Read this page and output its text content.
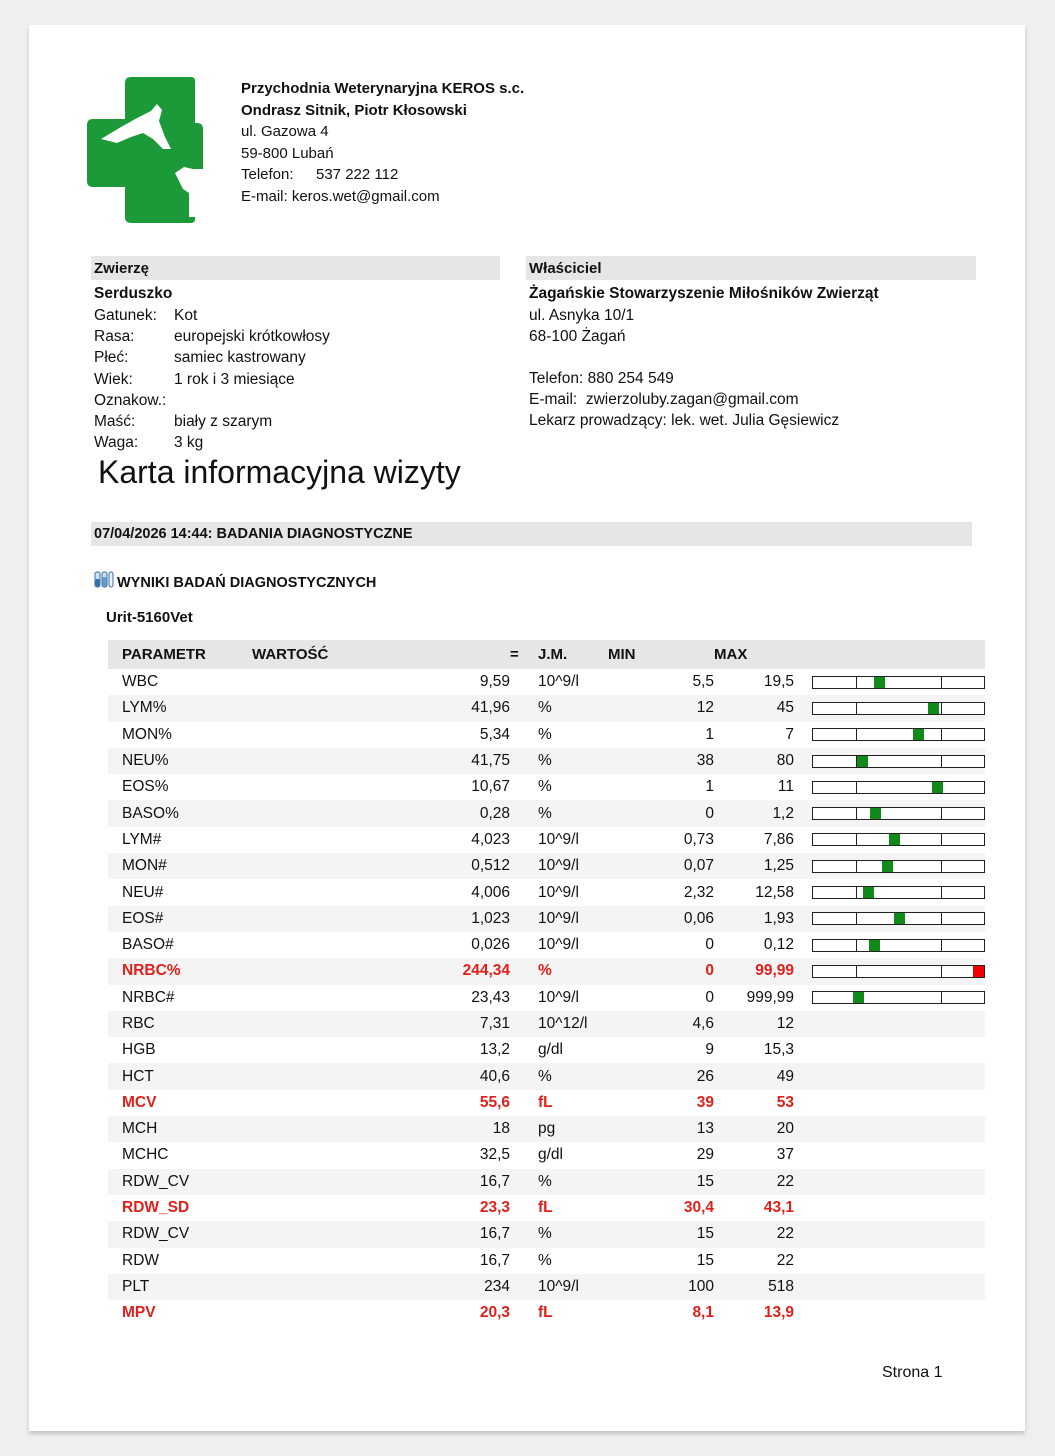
Przychodnia Weterynaryjna KEROS s.c.
Ondrasz Sitnik, Piotr Kłosowski
ul. Gazowa 4
59-800 Lubań
Telefon: 537 222 112
E-mail: keros.wet@gmail.com
Zwierzę
Serduszko
Gatunek: Kot
Rasa:	europejski krótkowłosy
Płeć:	samiec kastrowany
Wiek:	1 rok i 3 miesiące
Oznakow.:
Maść: biały z szarym
Waga: 3 kg
Właściciel
Żagańskie Stowarzyszenie Miłośników Zwierząt
ul. Asnyka 10/1
68-100 Żagań
Telefon: 880 254 549
E-mail: zwierzoluby.zagan@gmail.com
Lekarz prowadzący: lek. wet. Julia Gęsiewicz
Karta informacyjna wizyty
07/04/2026 14:44: BADANIA DIAGNOSTYCZNE
WYNIKI BADAŃ DIAGNOSTYCZNYCH
Urit-5160Vet
PARAMETR	WARTOŚĆ	=	J.M.	MIN	MAX	
WBC	9,59		10^9/l	5,5	19,5	

LYM%	41,96		%	12	45	

MON%	5,34		%	1	7	

NEU%	41,75		%	38	80	

EOS%	10,67		%	1	11	

BASO%	0,28		%	0	1,2	

LYM#	4,023		10^9/l	0,73	7,86	

MON#	0,512		10^9/l	0,07	1,25	

NEU#	4,006		10^9/l	2,32	12,58	

EOS#	1,023		10^9/l	0,06	1,93	

BASO#	0,026		10^9/l	0	0,12	

NRBC%	244,34		%	0	99,99	

NRBC#	23,43		10^9/l	0	999,99	

RBC	7,31		10^12/l	4,6	12	
HGB	13,2		g/dl	9	15,3	
HCT	40,6		%	26	49	
MCV	55,6		fL	39	53	
MCH	18		pg	13	20	
MCHC	32,5		g/dl	29	37	
RDW_CV	16,7		%	15	22	
RDW_SD	23,3		fL	30,4	43,1	
RDW_CV	16,7		%	15	22	
RDW	16,7		%	15	22	
PLT	234		10^9/l	100	518	
MPV	20,3		fL	8,1	13,9	
Strona 1
